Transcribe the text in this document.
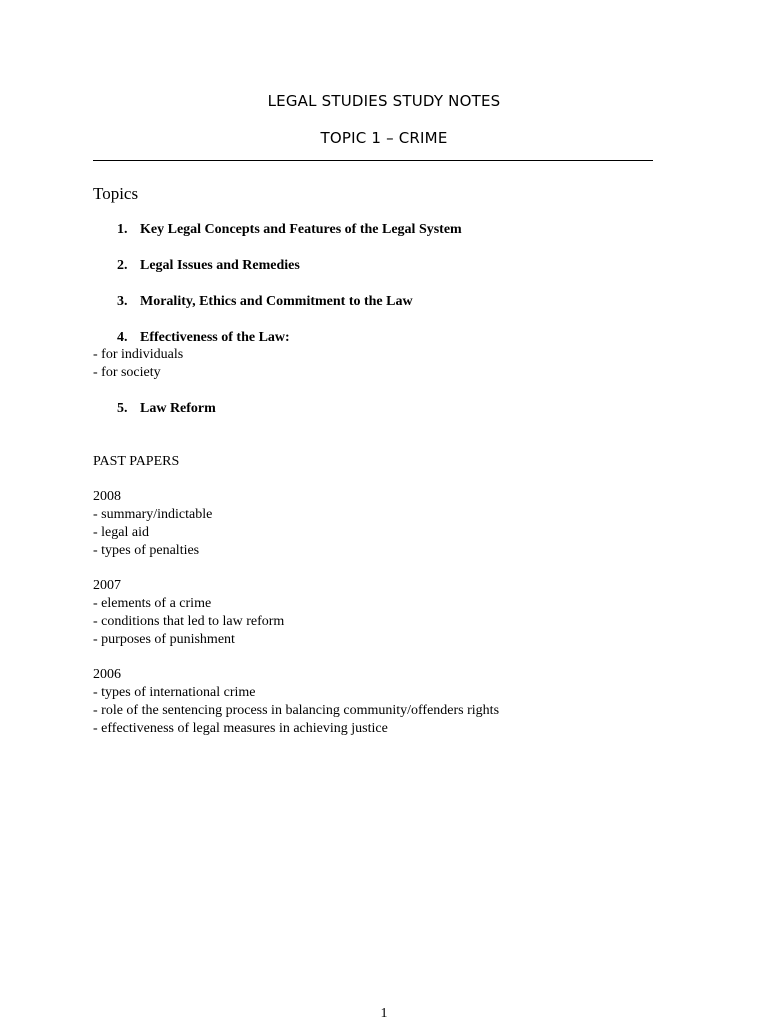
LEGAL STUDIES STUDY NOTES
TOPIC 1 – CRIME
Topics
1. Key Legal Concepts and Features of the Legal System
2. Legal Issues and Remedies
3. Morality, Ethics and Commitment to the Law
4. Effectiveness of the Law:
- for individuals
- for society
5. Law Reform
PAST PAPERS
2008
- summary/indictable
- legal aid
- types of penalties
2007
- elements of a crime
- conditions that led to law reform
- purposes of punishment
2006
- types of international crime
- role of the sentencing process in balancing community/offenders rights
- effectiveness of legal measures in achieving justice
1
